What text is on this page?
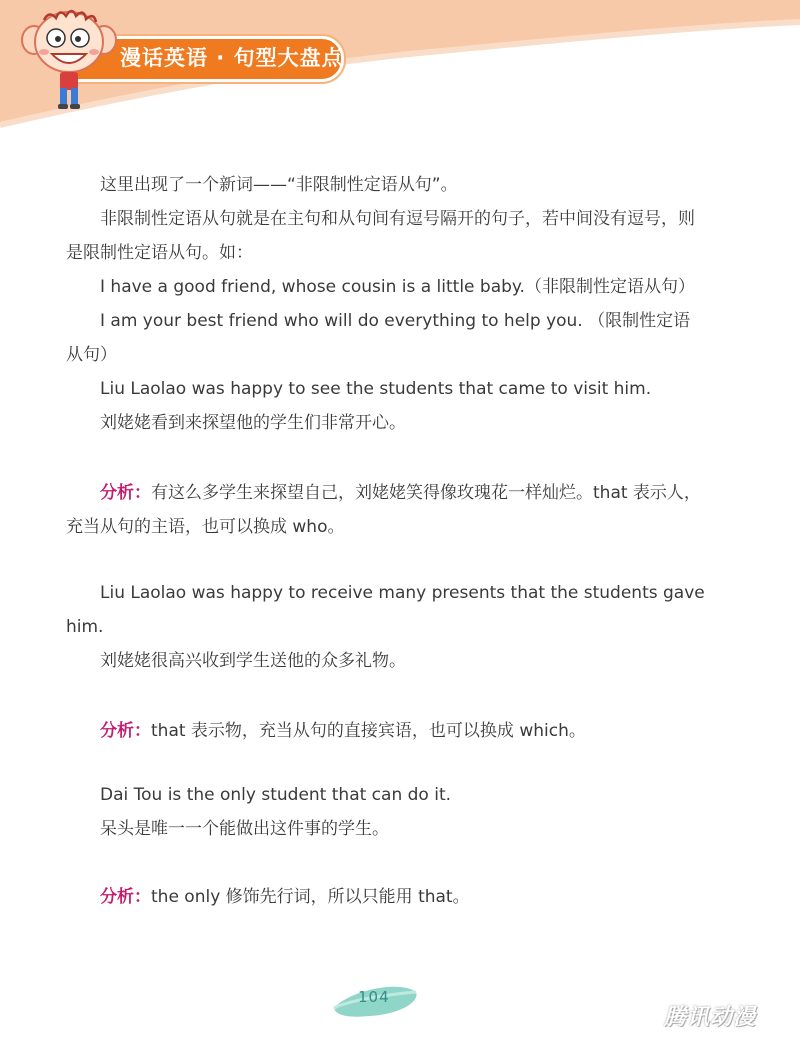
漫话英语 · 句型大盘点

这里出现了一个新词——“非限制性定语从句”。

非限制性定语从句就是在主句和从句间有逗号隔开的句子，若中间没有逗号，则是限制性定语从句。如：

I have a good friend, whose cousin is a little baby.（非限制性定语从句）

I am your best friend who will do everything to help you. （限制性定语从句）

Liu Laolao was happy to see the students that came to visit him.

刘姥姥看到来探望他的学生们非常开心。

分析：有这么多学生来探望自己，刘姥姥笑得像玫瑰花一样灿烂。that 表示人，充当从句的主语，也可以换成 who。

Liu Laolao was happy to receive many presents that the students gave him.

刘姥姥很高兴收到学生送他的众多礼物。

分析：that 表示物，充当从句的直接宾语，也可以换成 which。

Dai Tou is the only student that can do it.

呆头是唯一一个能做出这件事的学生。

分析：the only 修饰先行词，所以只能用 that。

104
腾讯动漫
